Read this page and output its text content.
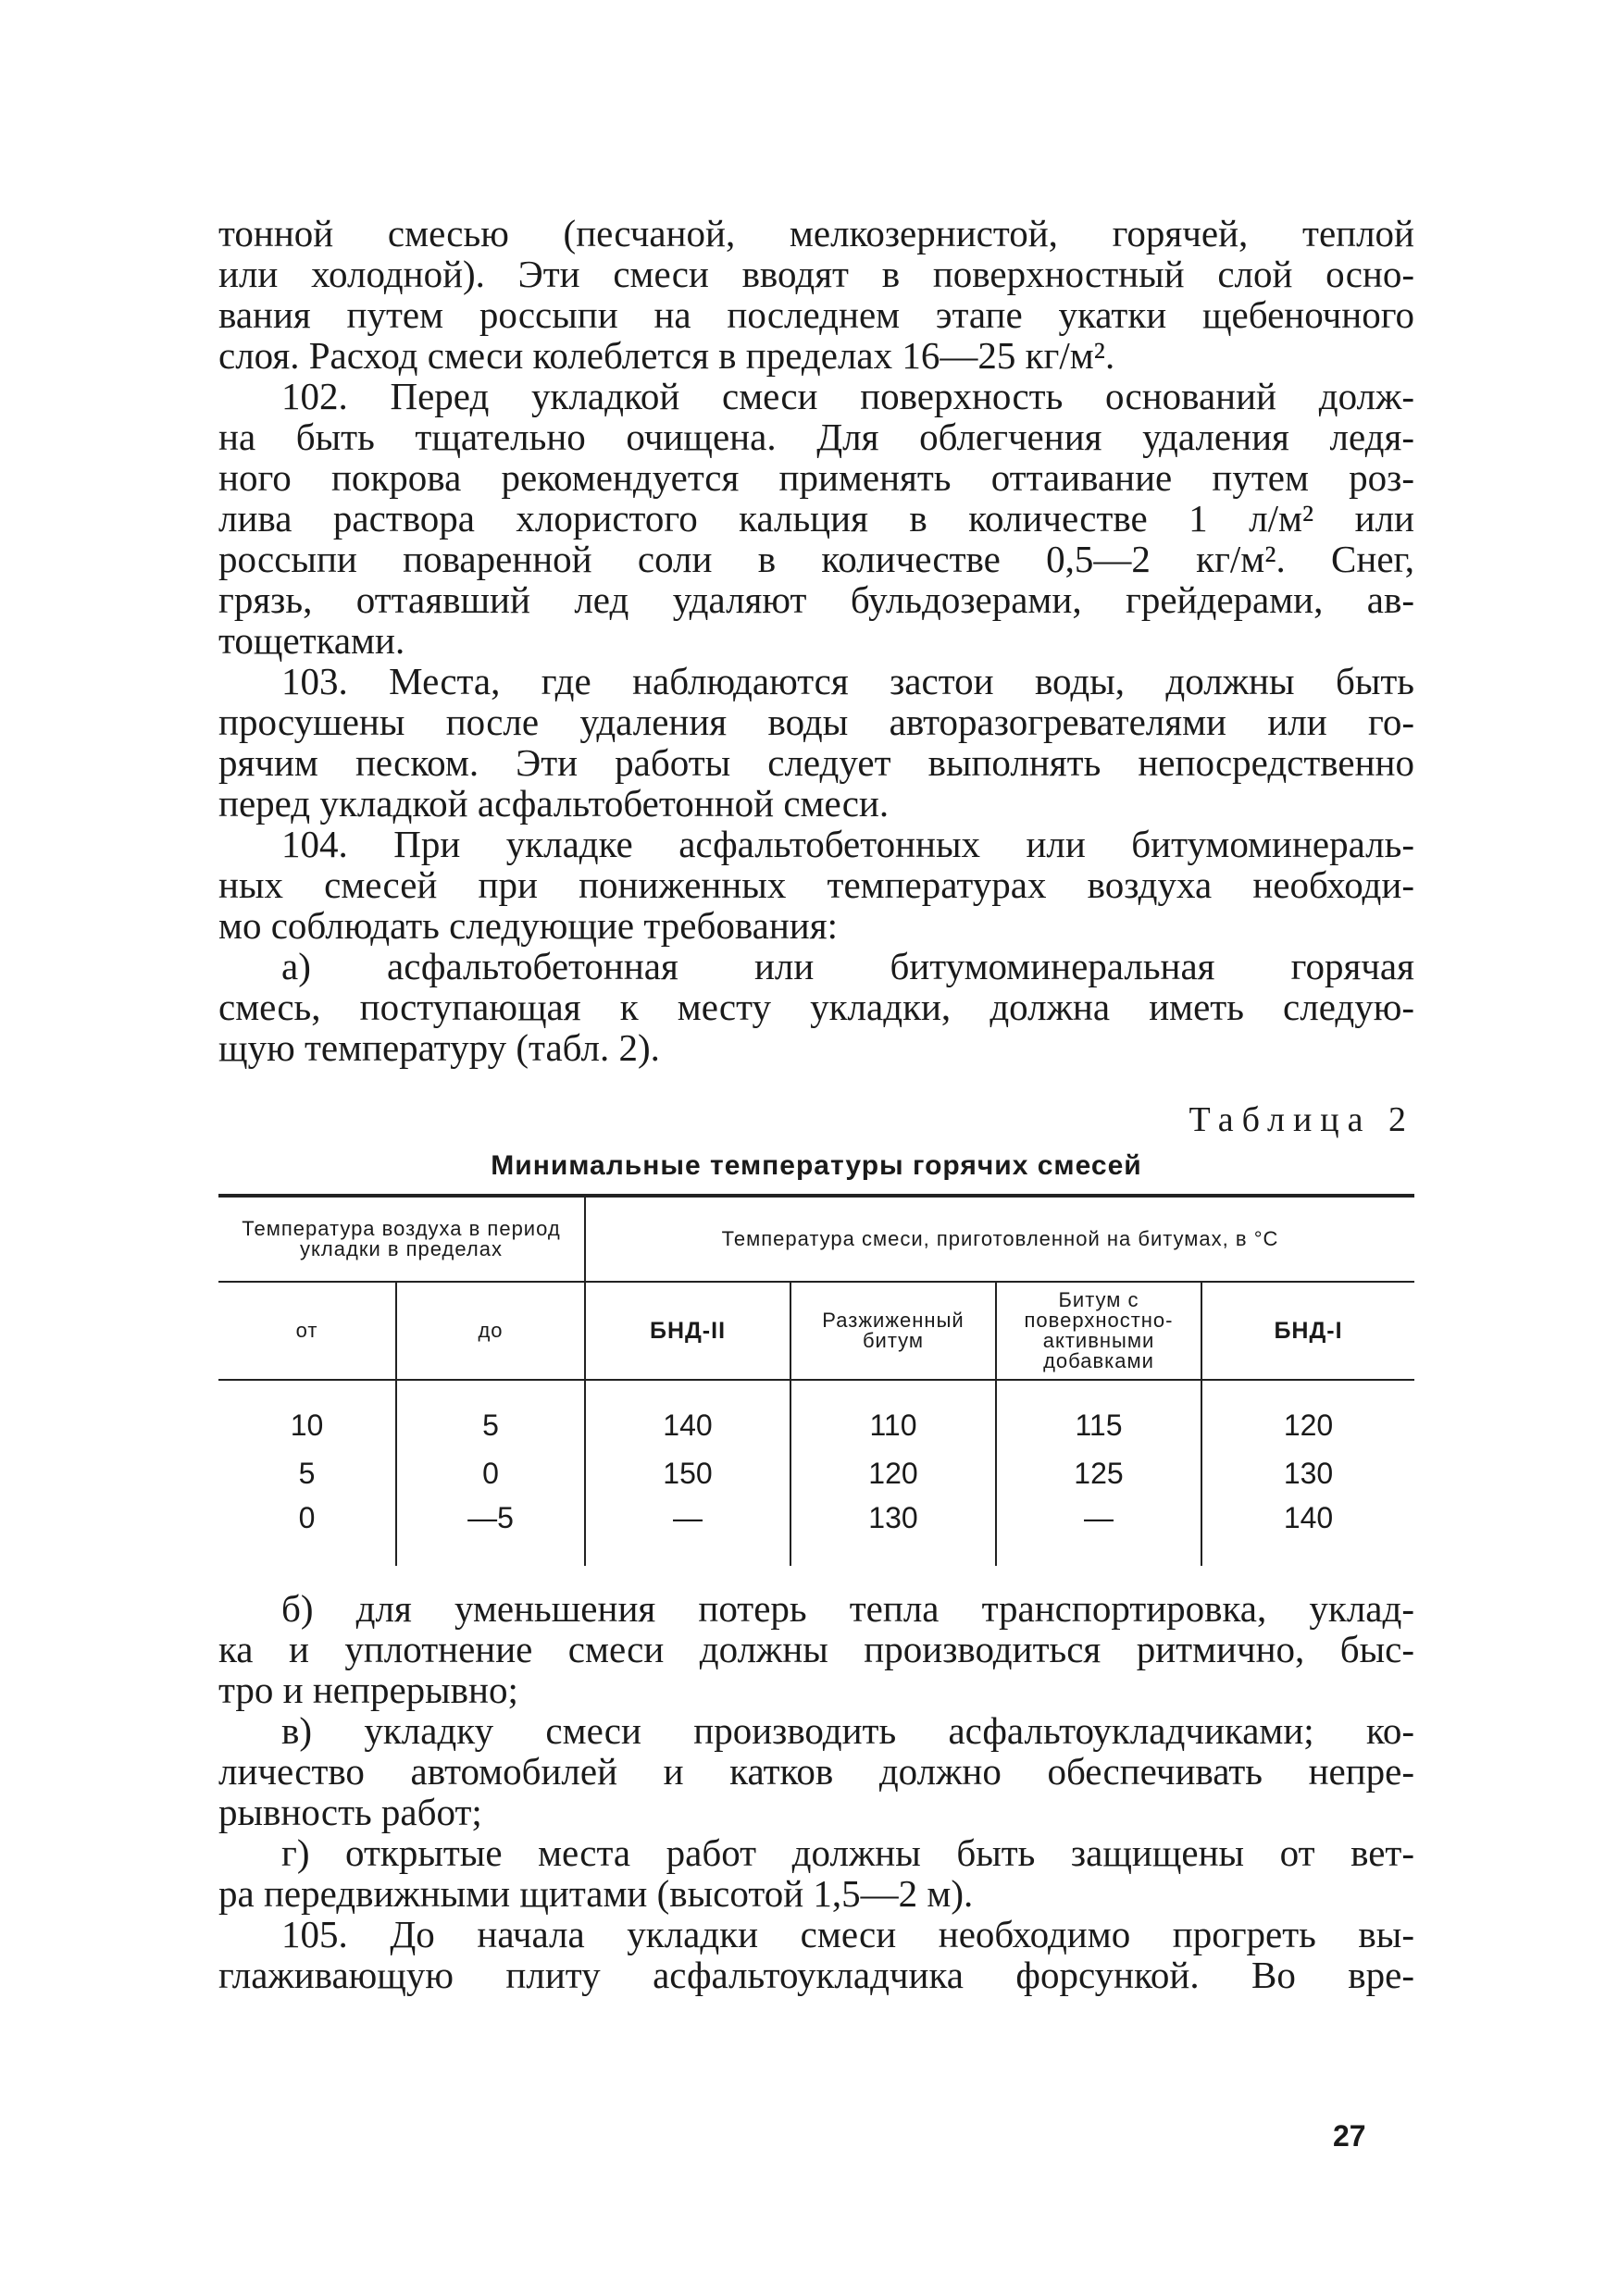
тонной смесью (песчаной, мелкозернистой, горячей, теплой
или холодной). Эти смеси вводят в поверхностный слой осно-
вания путем россыпи на последнем этапе укатки щебеночного
слоя. Расход смеси колеблется в пределах 16—25 кг/м².
102. Перед укладкой смеси поверхность оснований долж-
на быть тщательно очищена. Для облегчения удаления ледя-
ного покрова рекомендуется применять оттаивание путем роз-
лива раствора хлористого кальция в количестве 1 л/м² или
россыпи поваренной соли в количестве 0,5—2 кг/м². Снег,
грязь, оттаявший лед удаляют бульдозерами, грейдерами, ав-
тощетками.
103. Места, где наблюдаются застои воды, должны быть
просушены после удаления воды авторазогревателями или го-
рячим песком. Эти работы следует выполнять непосредственно
перед укладкой асфальтобетонной смеси.
104. При укладке асфальтобетонных или битумоминераль-
ных смесей при пониженных температурах воздуха необходи-
мо соблюдать следующие требования:
а) асфальтобетонная или битумоминеральная горячая
смесь, поступающая к месту укладки, должна иметь следую-
щую температуру (табл. 2).
Таблица 2
Минимальные температуры горячих смесей
Температура воздуха в период укладки в пределах		Температура смеси, приготовленной на битумах, в °С			
от	до	БНД-II	Разжиженный битум	Битум с поверхностно-активными добавками	БНД-I
10	5	140	110	115	120
5	0	150	120	125	130
0	—5	—	130	—	140
б) для уменьшения потерь тепла транспортировка, уклад-
ка и уплотнение смеси должны производиться ритмично, быс-
тро и непрерывно;
в) укладку смеси производить асфальтоукладчиками; ко-
личество автомобилей и катков должно обеспечивать непре-
рывность работ;
г) открытые места работ должны быть защищены от вет-
ра передвижными щитами (высотой 1,5—2 м).
105. До начала укладки смеси необходимо прогреть вы-
глаживающую плиту асфальтоукладчика форсункой. Во вре-
27
